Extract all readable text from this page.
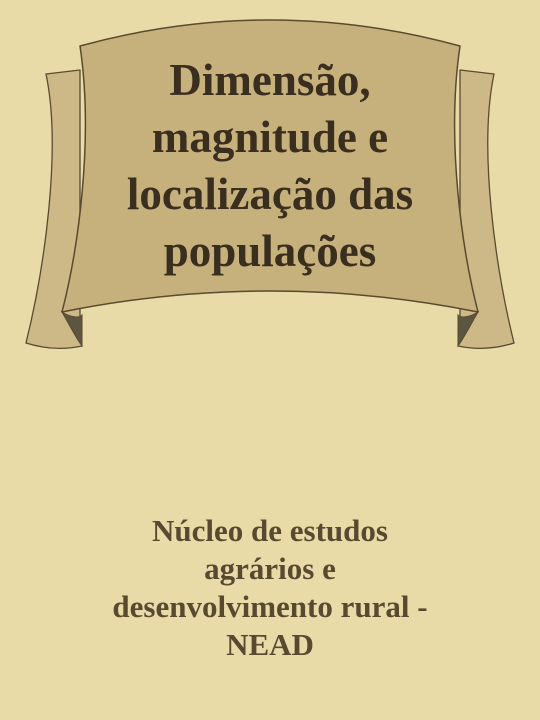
Dimensão,
magnitude e
localização das
populações
Núcleo de estudos
agrários e
desenvolvimento rural -
NEAD
